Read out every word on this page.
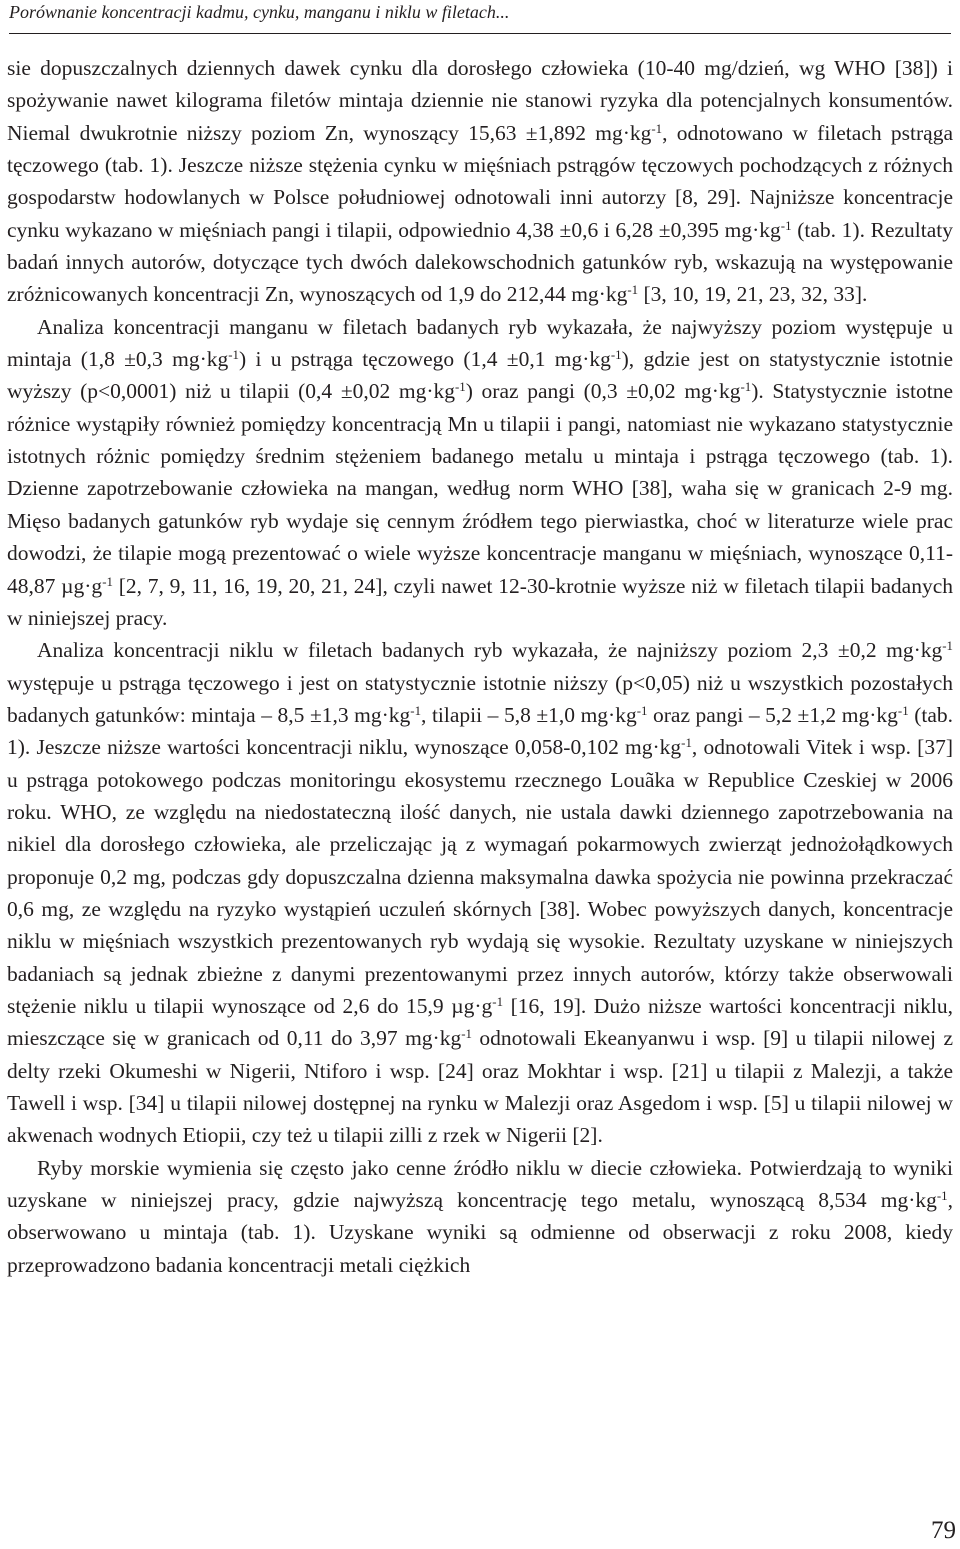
Porównanie koncentracji kadmu, cynku, manganu i niklu w filetach...

sie dopuszczalnych dziennych dawek cynku dla dorosłego człowieka (10-40 mg/dzień, wg WHO [38]) i spożywanie nawet kilograma filetów mintaja dziennie nie stanowi ryzyka dla potencjalnych konsumentów. Niemal dwukrotnie niższy poziom Zn, wynoszący 15,63 ±1,892 $mg\cdot kg^{-1}$, odnotowano w filetach pstrąga tęczowego (tab. 1). Jeszcze niższe stężenia cynku w mięśniach pstrągów tęczowych pochodzących z różnych gospodarstw hodowlanych w Polsce południowej odnotowali inni autorzy [8, 29]. Najniższe koncentracje cynku wykazano w mięśniach pangi i tilapii, odpowiednio 4,38 ±0,6 i 6,28 ±0,395 $mg\cdot kg^{-1}$ (tab. 1). Rezultaty badań innych autorów, dotyczące tych dwóch dalekowschodnich gatunków ryb, wskazują na występowanie zróżnicowanych koncentracji Zn, wynoszących od 1,9 do 212,44 $mg\cdot kg^{-1}$ [3, 10, 19, 21, 23, 32, 33].

Analiza koncentracji manganu w filetach badanych ryb wykazała, że najwyższy poziom występuje u mintaja (1,8 ±0,3 $mg\cdot kg^{-1}$) i u pstrąga tęczowego (1,4 ±0,1 $mg\cdot kg^{-1}$), gdzie jest on statystycznie istotnie wyższy (p<0,0001) niż u tilapii (0,4 ±0,02 $mg\cdot kg^{-1}$) oraz pangi (0,3 ±0,02 $mg\cdot kg^{-1}$). Statystycznie istotne różnice wystąpiły również pomiędzy koncentracją Mn u tilapii i pangi, natomiast nie wykazano statystycznie istotnych różnic pomiędzy średnim stężeniem badanego metalu u mintaja i pstrąga tęczowego (tab. 1). Dzienne zapotrzebowanie człowieka na mangan, według norm WHO [38], waha się w granicach 2-9 mg. Mięso badanych gatunków ryb wydaje się cennym źródłem tego pierwiastka, choć w literaturze wiele prac dowodzi, że tilapie mogą prezentować o wiele wyższe koncentracje manganu w mięśniach, wynoszące 0,11-48,87 $\mu g\cdot g^{-1}$ [2, 7, 9, 11, 16, 19, 20, 21, 24], czyli nawet 12-30-krotnie wyższe niż w filetach tilapii badanych w niniejszej pracy.

Analiza koncentracji niklu w filetach badanych ryb wykazała, że najniższy poziom 2,3 ±0,2 $mg\cdot kg^{-1}$ występuje u pstrąga tęczowego i jest on statystycznie istotnie niższy (p<0,05) niż u wszystkich pozostałych badanych gatunków: mintaja – 8,5 ±1,3 $mg\cdot kg^{-1}$, tilapii – 5,8 ±1,0 $mg\cdot kg^{-1}$ oraz pangi – 5,2 ±1,2 $mg\cdot kg^{-1}$ (tab. 1). Jeszcze niższe wartości koncentracji niklu, wynoszące 0,058-0,102 $mg\cdot kg^{-1}$, odnotowali Vitek i wsp. [37] u pstrąga potokowego podczas monitoringu ekosystemu rzecznego Louãka w Republice Czeskiej w 2006 roku. WHO, ze względu na niedostateczną ilość danych, nie ustala dawki dziennego zapotrzebowania na nikiel dla dorosłego człowieka, ale przeliczając ją z wymagań pokarmowych zwierząt jednożołądkowych proponuje 0,2 mg, podczas gdy dopuszczalna dzienna maksymalna dawka spożycia nie powinna przekraczać 0,6 mg, ze względu na ryzyko wystąpień uczuleń skórnych [38]. Wobec powyższych danych, koncentracje niklu w mięśniach wszystkich prezentowanych ryb wydają się wysokie. Rezultaty uzyskane w niniejszych badaniach są jednak zbieżne z danymi prezentowanymi przez innych autorów, którzy także obserwowali stężenie niklu u tilapii wynoszące od 2,6 do 15,9 $\mu g\cdot g^{-1}$ [16, 19]. Dużo niższe wartości koncentracji niklu, mieszczące się w granicach od 0,11 do 3,97 $mg\cdot kg^{-1}$ odnotowali Ekeanyanwu i wsp. [9] u tilapii nilowej z delty rzeki Okumeshi w Nigerii, Ntiforo i wsp. [24] oraz Mokhtar i wsp. [21] u tilapii z Malezji, a także Tawell i wsp. [34] u tilapii nilowej dostępnej na rynku w Malezji oraz Asgedom i wsp. [5] u tilapii nilowej w akwenach wodnych Etiopii, czy też u tilapii zilli z rzek w Nigerii [2].

Ryby morskie wymienia się często jako cenne źródło niklu w diecie człowieka. Potwierdzają to wyniki uzyskane w niniejszej pracy, gdzie najwyższą koncentrację tego metalu, wynoszącą 8,534 $mg\cdot kg^{-1}$, obserwowano u mintaja (tab. 1). Uzyskane wyniki są odmienne od obserwacji z roku 2008, kiedy przeprowadzono badania koncentracji metali ciężkich

79
